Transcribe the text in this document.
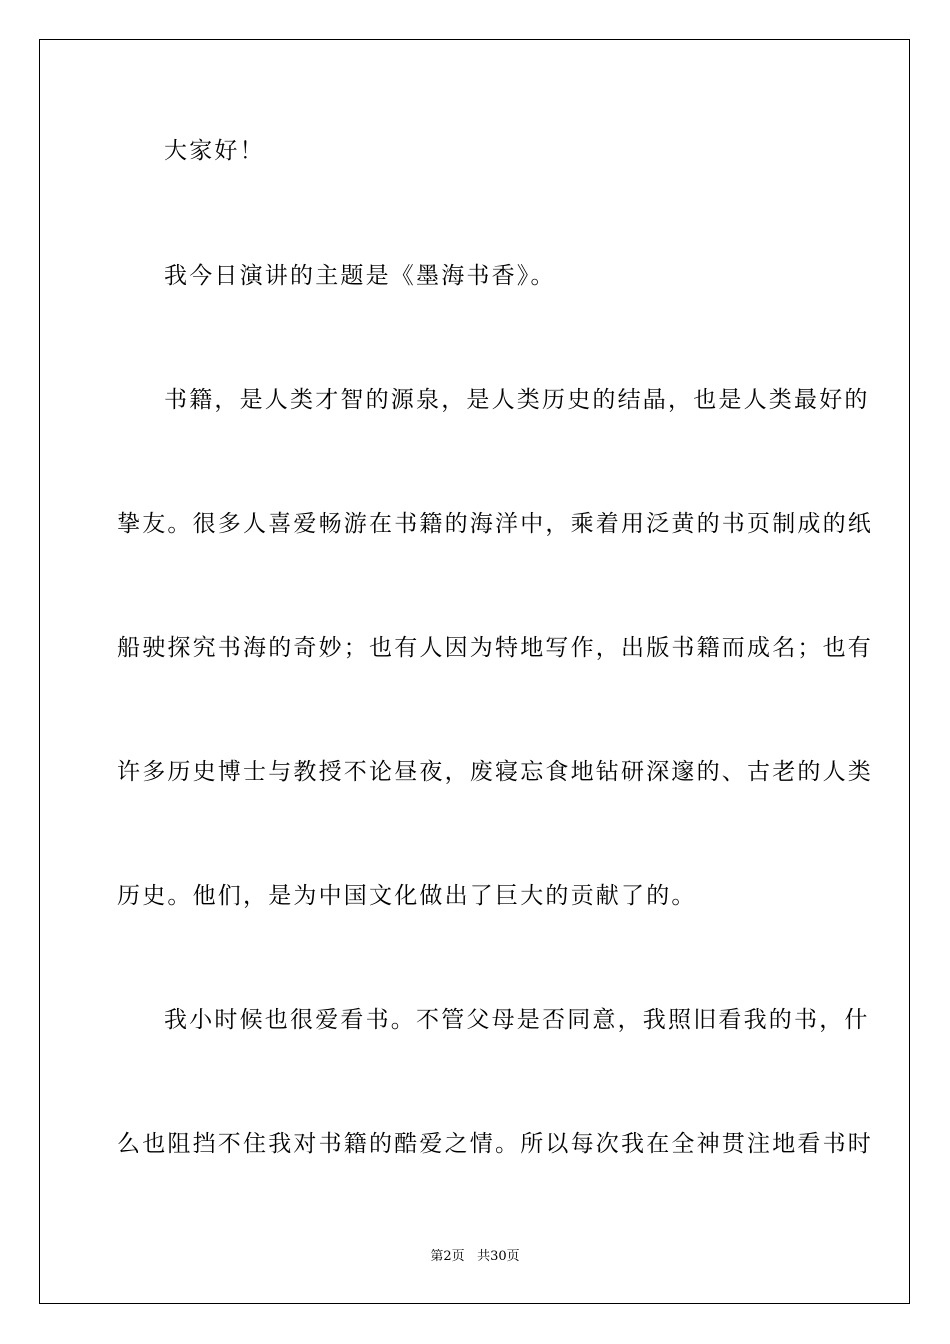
大家好！
我今日演讲的主题是《墨海书香》。
书籍，是人类才智的源泉，是人类历史的结晶，也是人类最好的
挚友。很多人喜爱畅游在书籍的海洋中，乘着用泛黄的书页制成的纸
船驶探究书海的奇妙；也有人因为特地写作，出版书籍而成名；也有
许多历史博士与教授不论昼夜，废寝忘食地钻研深邃的、古老的人类
历史。他们，是为中国文化做出了巨大的贡献了的。
我小时候也很爱看书。不管父母是否同意，我照旧看我的书，什
么也阻挡不住我对书籍的酷爱之情。所以每次我在全神贯注地看书时
第2页 共30页
